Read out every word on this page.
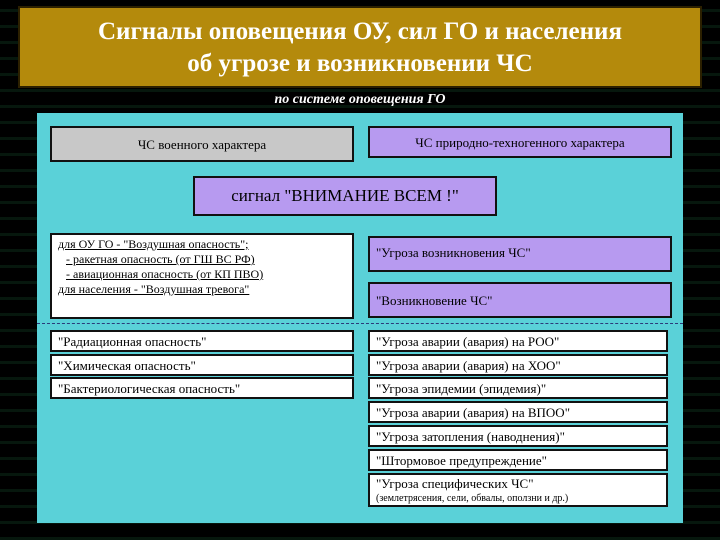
Сигналы оповещения ОУ, сил ГО и населения
об угрозе и возникновении ЧС
по системе оповещения ГО
ЧС военного характера	ЧС природно-техногенного характера
сигнал "ВНИМАНИЕ ВСЕМ !"
для ОУ ГО - "Воздушная опасность";
- ракетная опасность (от ГШ ВС РФ)
- авиационная опасность (от КП ПВО)
для населения - "Воздушная тревога"
"Угроза возникновения ЧС"
"Возникновение ЧС"
"Радиационная опасность"
"Химическая опасность"
"Бактериологическая опасность"
"Угроза аварии (авария) на РОО"
"Угроза аварии (авария) на ХОО"
"Угроза эпидемии (эпидемия)"
"Угроза аварии (авария) на ВПОО"
"Угроза затопления (наводнения)"
"Штормовое предупреждение"
"Угроза специфических ЧС"
(землетрясения, сели, обвалы, оползни и др.)
